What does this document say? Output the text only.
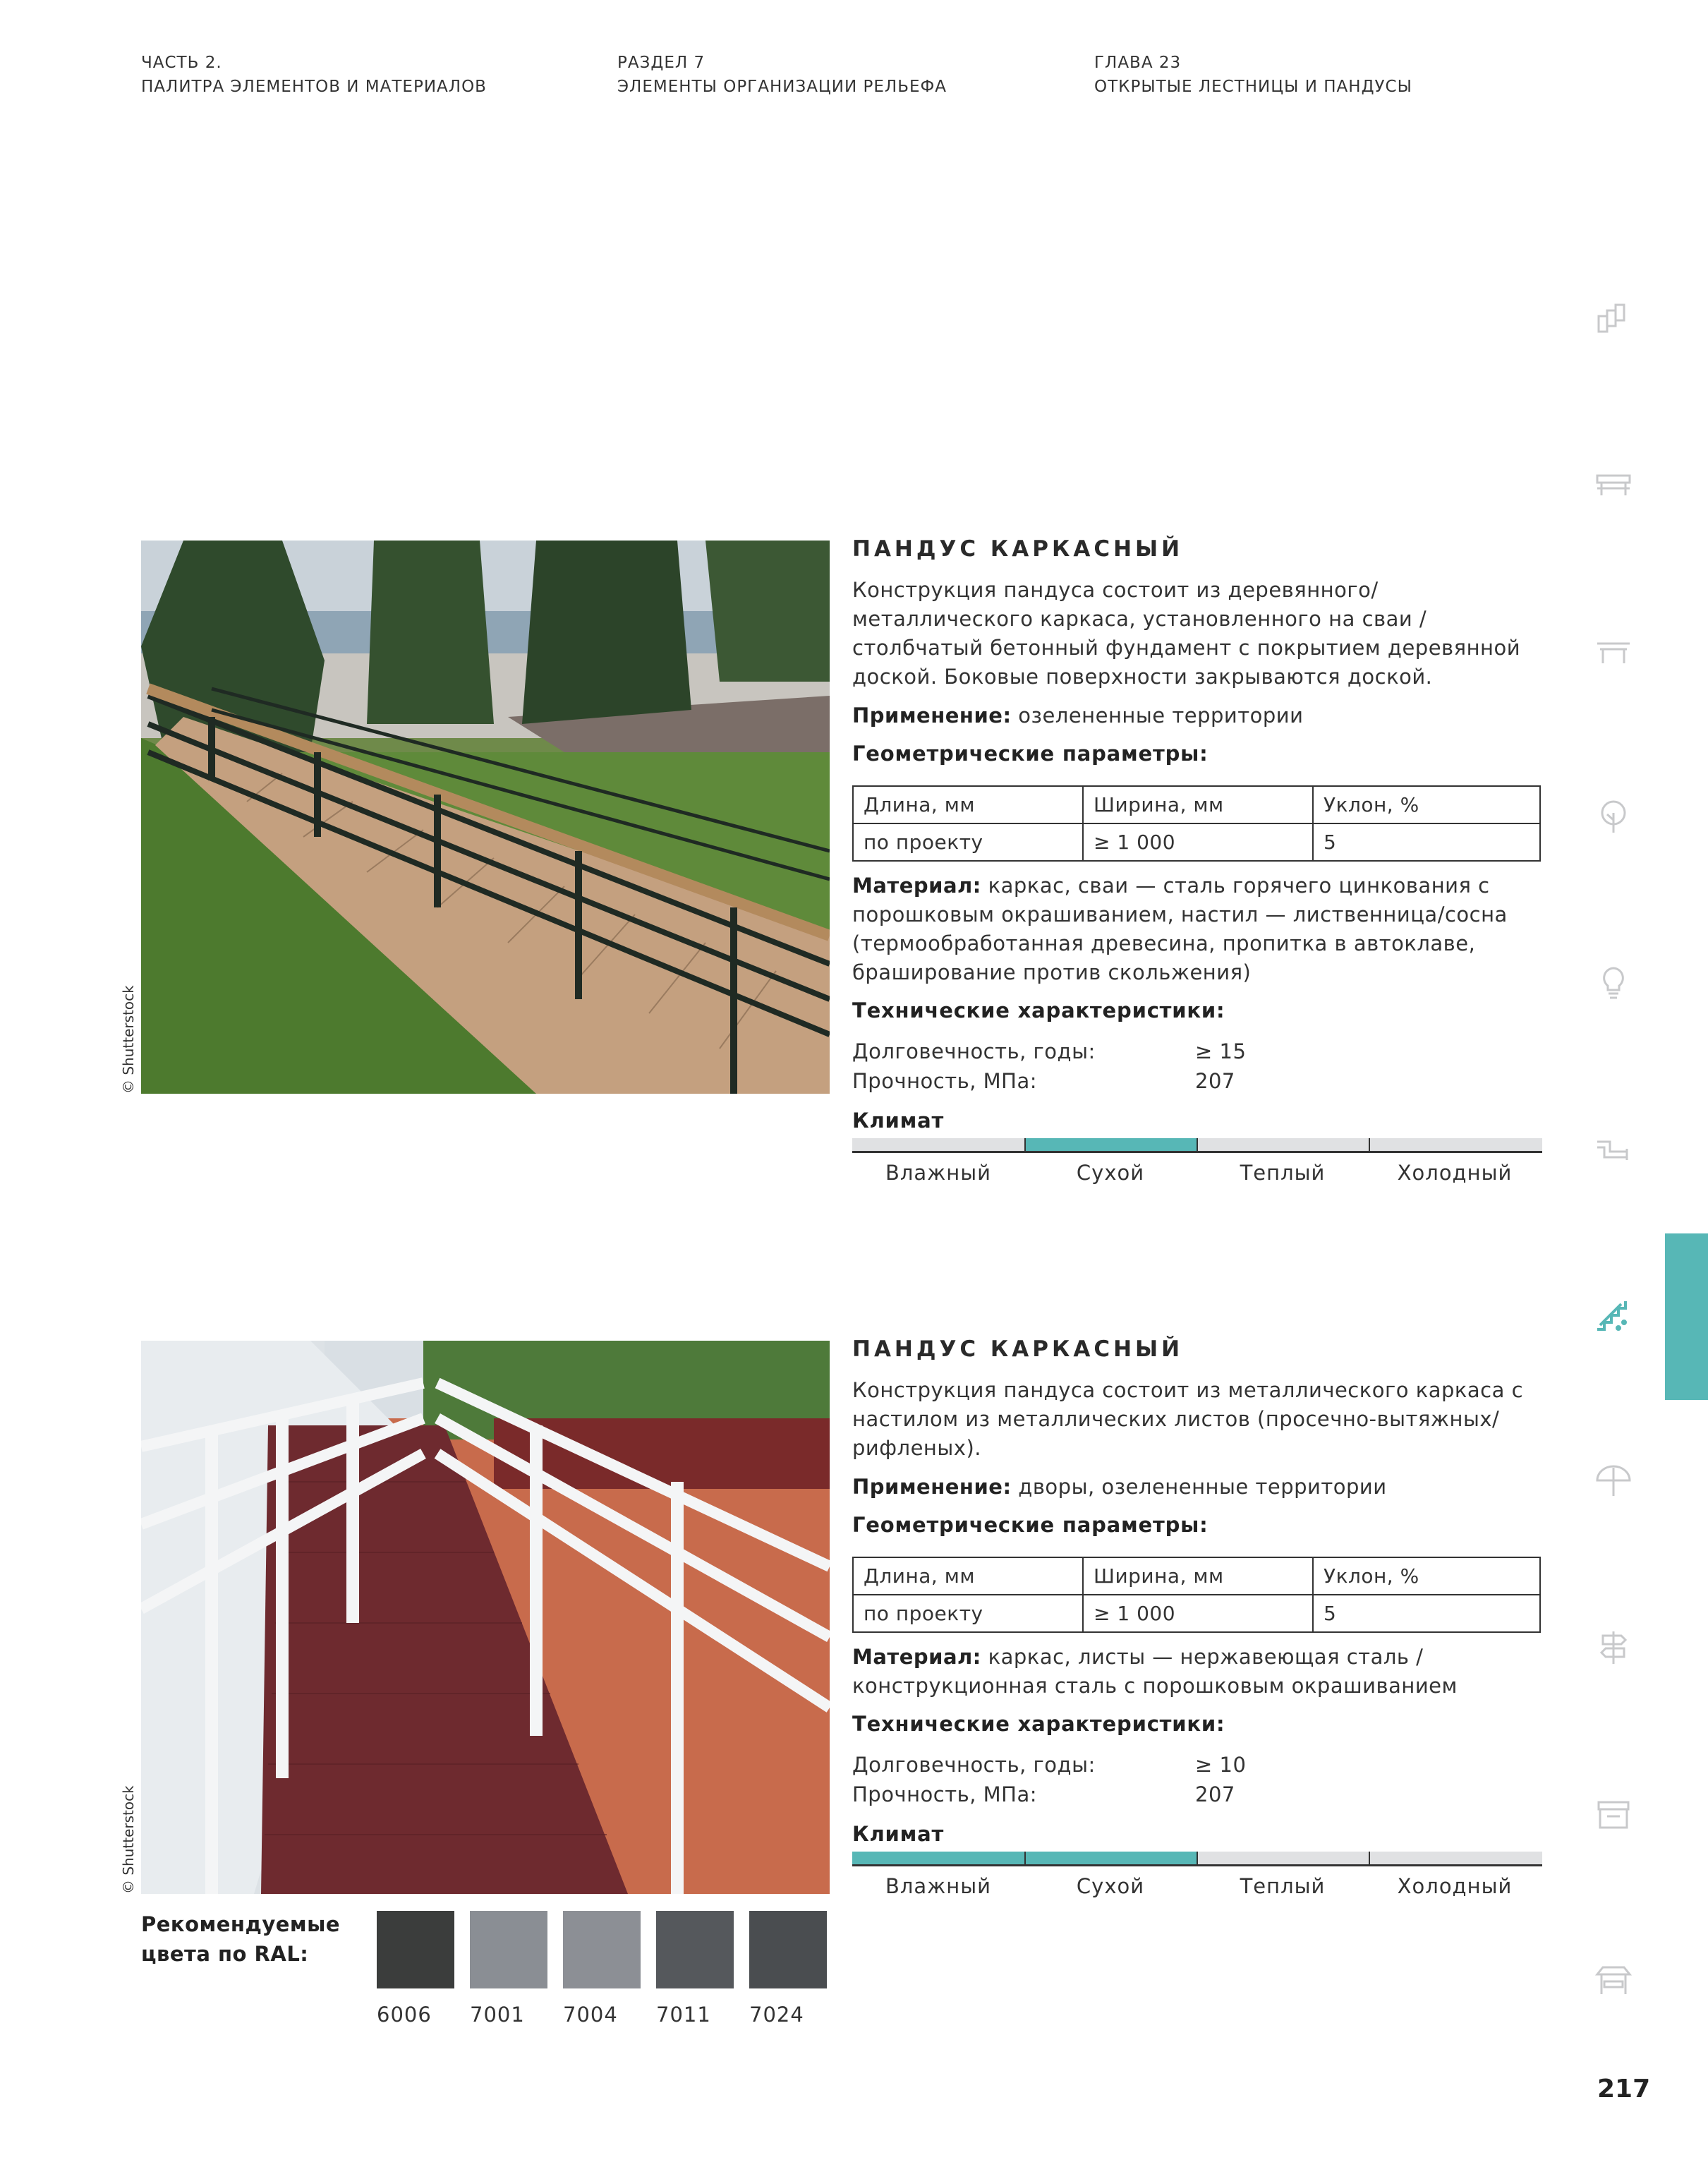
ЧАСТЬ 2.
ПАЛИТРА ЭЛЕМЕНТОВ И МАТЕРИАЛОВ
РАЗДЕЛ 7
ЭЛЕМЕНТЫ ОРГАНИЗАЦИИ РЕЛЬЕФА
ГЛАВА 23
ОТКРЫТЫЕ ЛЕСТНИЦЫ И ПАНДУСЫ
© Shutterstock
© Shutterstock
ПАНДУС КАРКАСНЫЙ

Конструкция пандуса состоит из деревянного/металлического каркаса, установленного на сваи / столбчатый бетонный фундамент с покрытием деревянной доской. Боковые поверхности закрываются доской.

Применение: озелененные территории

Геометрические параметры:

Длина, мм	Ширина, мм	Уклон, %
по проекту	≥ 1 000	5

Материал: каркас, сваи — сталь горячего цинкования с порошковым окрашиванием, настил — лиственница/сосна (термообработанная древесина, пропитка в автоклаве, браширование против скольжения)

Технические характеристики:

Долговечность, годы:	≥ 15
Прочность, МПа:	207

Климат

Влажный	Сухой	Теплый	Холодный
ПАНДУС КАРКАСНЫЙ

Конструкция пандуса состоит из металлического каркаса с настилом из металлических листов (просечно-вытяжных/рифленых).

Применение: дворы, озелененные территории

Геометрические параметры:

Длина, мм	Ширина, мм	Уклон, %
по проекту	≥ 1 000	5

Материал: каркас, листы — нержавеющая сталь / конструкционная сталь с порошковым окрашиванием

Технические характеристики:

Долговечность, годы:	≥ 10
Прочность, МПа:	207

Климат

Влажный	Сухой	Теплый	Холодный
Рекомендуемые
цвета по RAL:
6006 7001 7004 7011 7024
217
